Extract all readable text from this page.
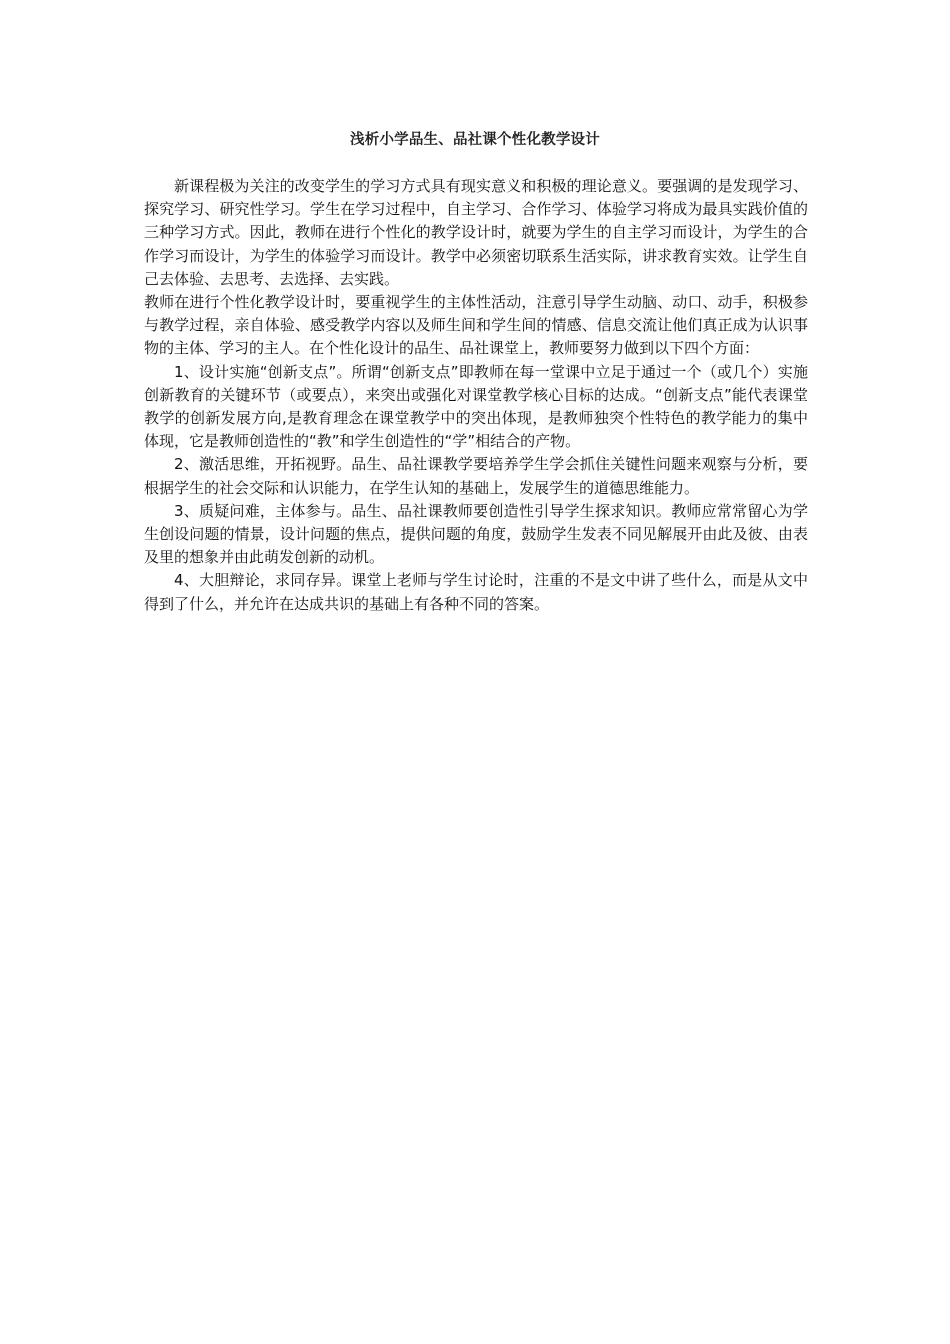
浅析小学品生、品社课个性化教学设计

新课程极为关注的改变学生的学习方式具有现实意义和积极的理论意义。要强调的是发现学习、探究学习、研究性学习。学生在学习过程中，自主学习、合作学习、体验学习将成为最具实践价值的三种学习方式。因此，教师在进行个性化的教学设计时，就要为学生的自主学习而设计，为学生的合作学习而设计，为学生的体验学习而设计。教学中必须密切联系生活实际，讲求教育实效。让学生自己去体验、去思考、去选择、去实践。

教师在进行个性化教学设计时，要重视学生的主体性活动，注意引导学生动脑、动口、动手，积极参与教学过程，亲自体验、感受教学内容以及师生间和学生间的情感、信息交流让他们真正成为认识事物的主体、学习的主人。在个性化设计的品生、品社课堂上，教师要努力做到以下四个方面：

1、设计实施“创新支点”。所谓“创新支点”即教师在每一堂课中立足于通过一个（或几个）实施创新教育的关键环节（或要点），来突出或强化对课堂教学核心目标的达成。“创新支点”能代表课堂教学的创新发展方向,是教育理念在课堂教学中的突出体现，是教师独突个性特色的教学能力的集中体现，它是教师创造性的“教”和学生创造性的“学”相结合的产物。

2、激活思维，开拓视野。品生、品社课教学要培养学生学会抓住关键性问题来观察与分析，要根据学生的社会交际和认识能力，在学生认知的基础上，发展学生的道德思维能力。

3、质疑问难，主体参与。品生、品社课教师要创造性引导学生探求知识。教师应常常留心为学生创设问题的情景，设计问题的焦点，提供问题的角度，鼓励学生发表不同见解展开由此及彼、由表及里的想象并由此萌发创新的动机。

4、大胆辩论，求同存异。课堂上老师与学生讨论时，注重的不是文中讲了些什么，而是从文中得到了什么，并允许在达成共识的基础上有各种不同的答案。
